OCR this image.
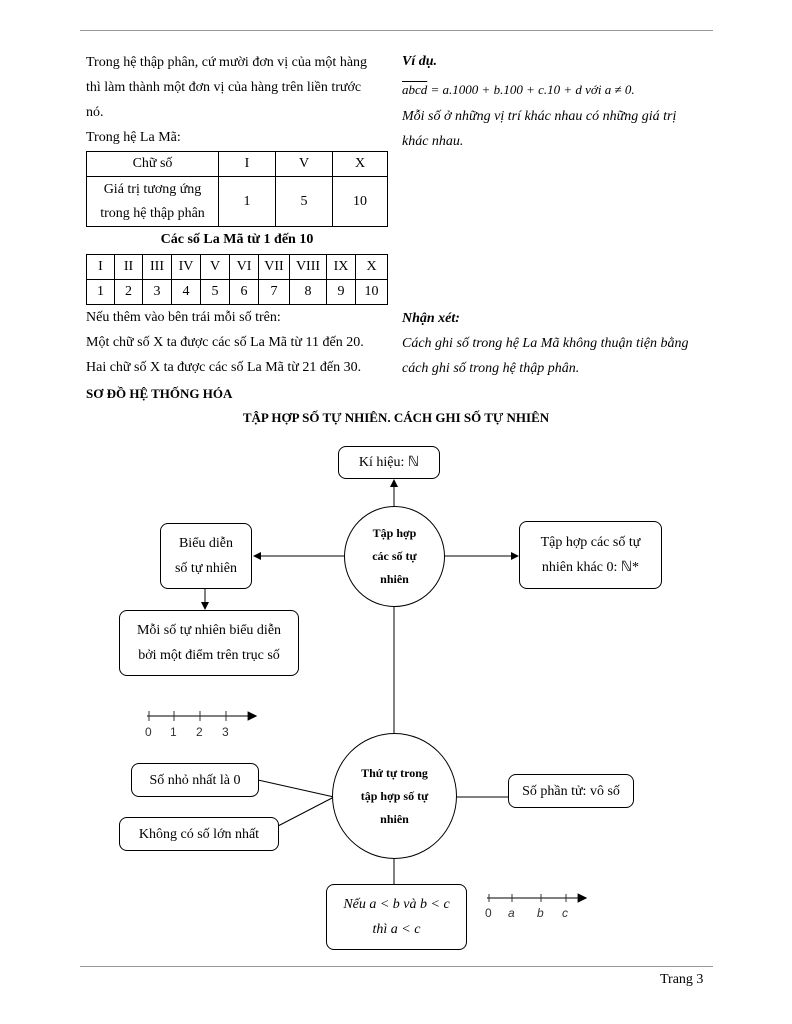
Trong hệ thập phân, cứ mười đơn vị của một hàng
thì làm thành một đơn vị của hàng trên liền trước
nó.
Trong hệ La Mã:
Chữ số	I	V	X
Giá trị tương ứng
trong hệ thập phân	1	5	10
Các số La Mã từ 1 đến 10
I	II	III	IV	V	VI	VII	VIII	IX	X
1	2	3	4	5	6	7	8	9	10
Nếu thêm vào bên trái mỗi số trên:
Một chữ số X ta được các số La Mã từ 11 đến 20.
Hai chữ số X ta được các số La Mã từ 21 đến 30.
Ví dụ.
abcd = a.1000 + b.100 + c.10 + d với a ≠ 0.
Mỗi số ở những vị trí khác nhau có những giá trị
khác nhau.
Nhận xét:
Cách ghi số trong hệ La Mã không thuận tiện bằng
cách ghi số trong hệ thập phân.
SƠ ĐỒ HỆ THỐNG HÓA
TẬP HỢP SỐ TỰ NHIÊN. CÁCH GHI SỐ TỰ NHIÊN
0 1 2 3
0 a b c
Kí hiệu: ℕ
Tập hợp
các số tự
nhiên
Biểu diễn
số tự nhiên
Tập hợp các số tự
nhiên khác 0: ℕ*
Mỗi số tự nhiên biểu diễn
bởi một điểm trên trục số
Thứ tự trong
tập hợp số tự
nhiên
Số nhỏ nhất là 0
Không có số lớn nhất
Số phần tử: vô số
Nếu a < b và b < c
thì a < c
Trang 3
